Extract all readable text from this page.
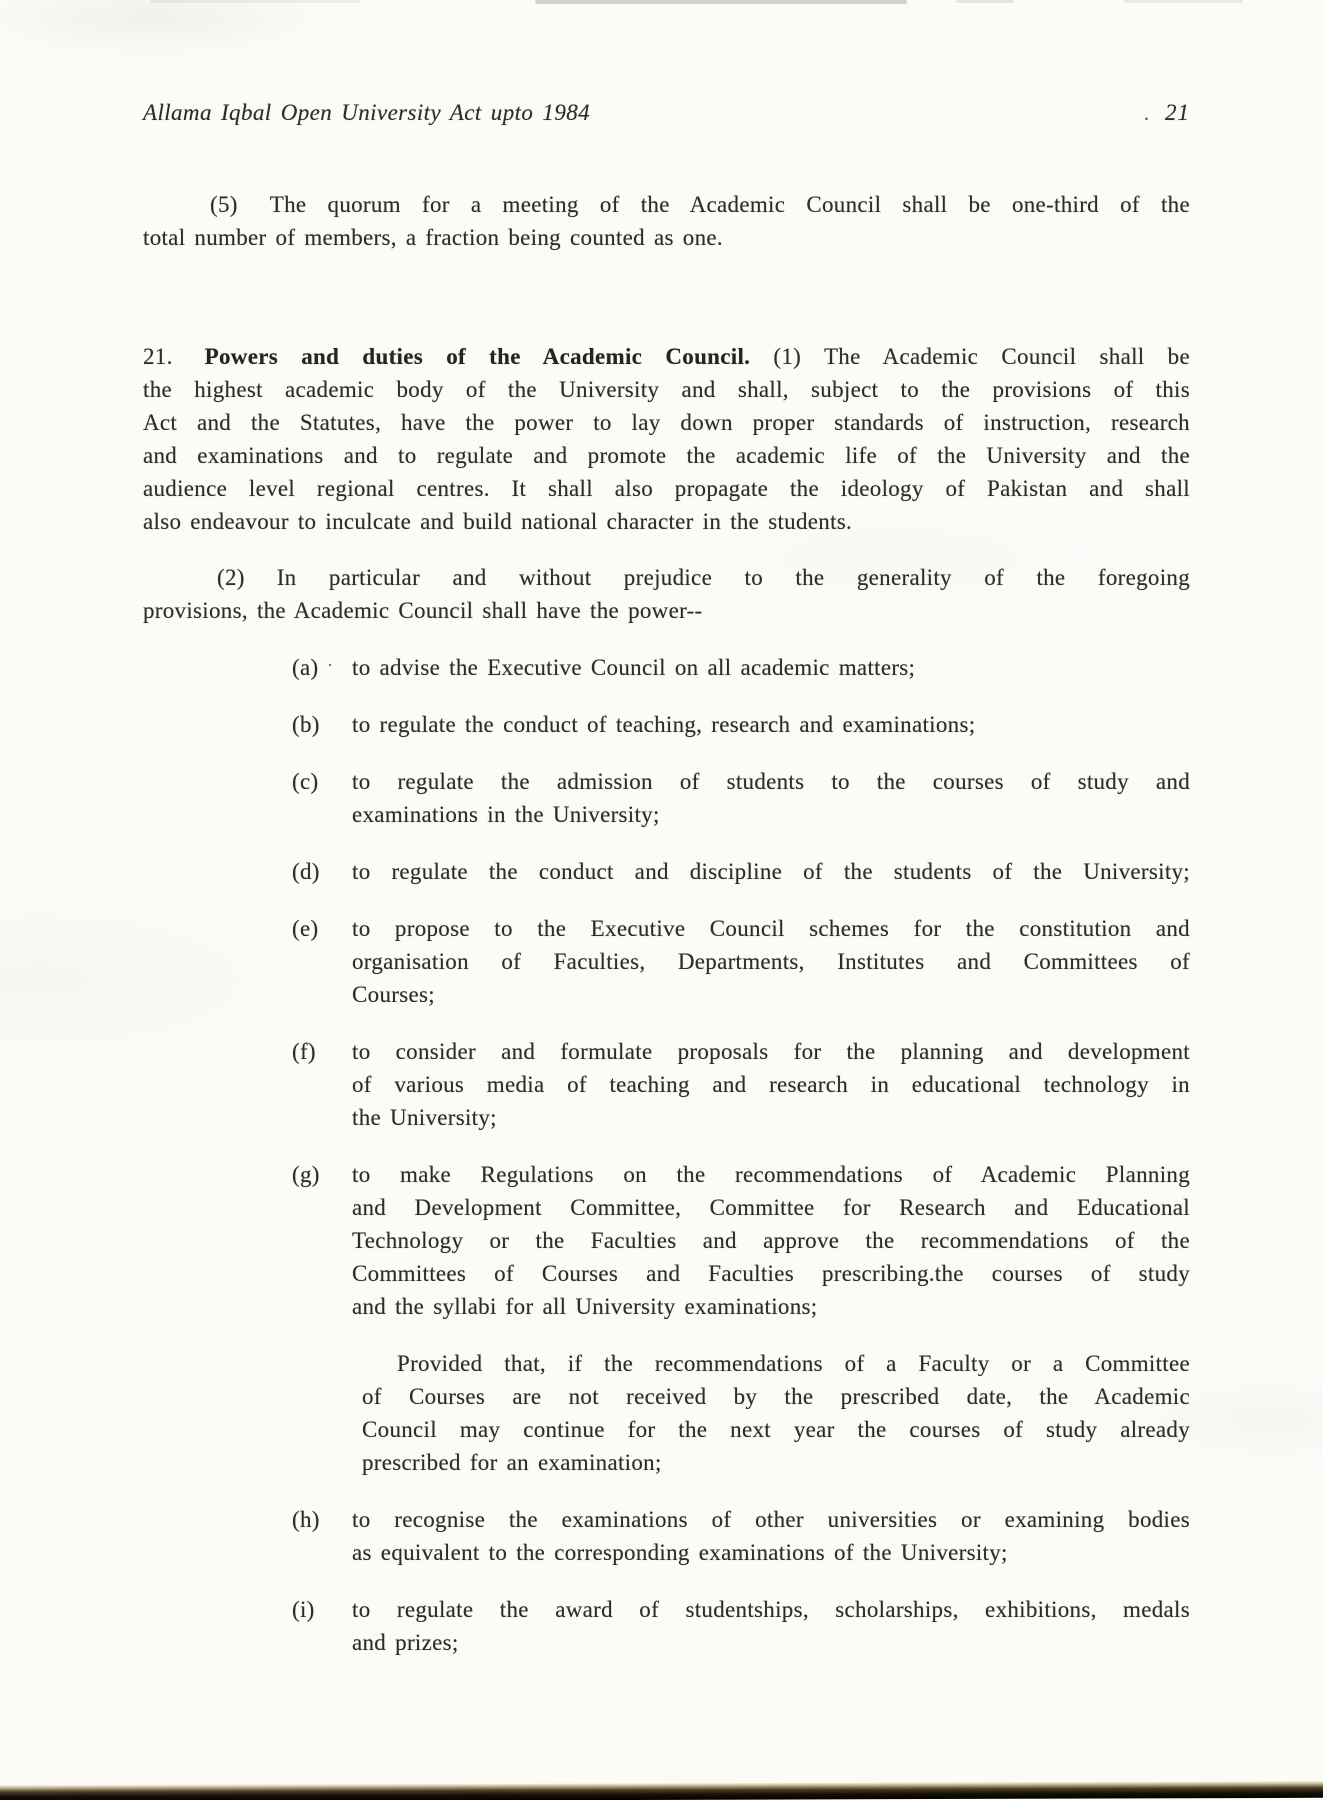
Allama Iqbal Open University Act upto 1984	. 21
(5) The quorum for a meeting of the Academic Council shall be one-third of the
total number of members, a fraction being counted as one.
21. Powers and duties of the Academic Council. (1) The Academic Council shall be
the highest academic body of the University and shall, subject to the provisions of this
Act and the Statutes, have the power to lay down proper standards of instruction, research
and examinations and to regulate and promote the academic life of the University and the
audience level regional centres. It shall also propagate the ideology of Pakistan and shall
also endeavour to inculcate and build national character in the students.
(2) In particular and without prejudice to the generality of the foregoing
provisions, the Academic Council shall have the power--
(a) · to advise the Executive Council on all academic matters;
(b) to regulate the conduct of teaching, research and examinations;
(c) to regulate the admission of students to the courses of study and
examinations in the University;
(d) to regulate the conduct and discipline of the students of the University;
(e) to propose to the Executive Council schemes for the constitution and
organisation of Faculties, Departments, Institutes and Committees of
Courses;
(f) to consider and formulate proposals for the planning and development
of various media of teaching and research in educational technology in
the University;
(g) to make Regulations on the recommendations of Academic Planning
and Development Committee, Committee for Research and Educational
Technology or the Faculties and approve the recommendations of the
Committees of Courses and Faculties prescribing.the courses of study
and the syllabi for all University examinations;
Provided that, if the recommendations of a Faculty or a Committee
of Courses are not received by the prescribed date, the Academic
Council may continue for the next year the courses of study already
prescribed for an examination;
(h) to recognise the examinations of other universities or examining bodies
as equivalent to the corresponding examinations of the University;
(i) to regulate the award of studentships, scholarships, exhibitions, medals
and prizes;
